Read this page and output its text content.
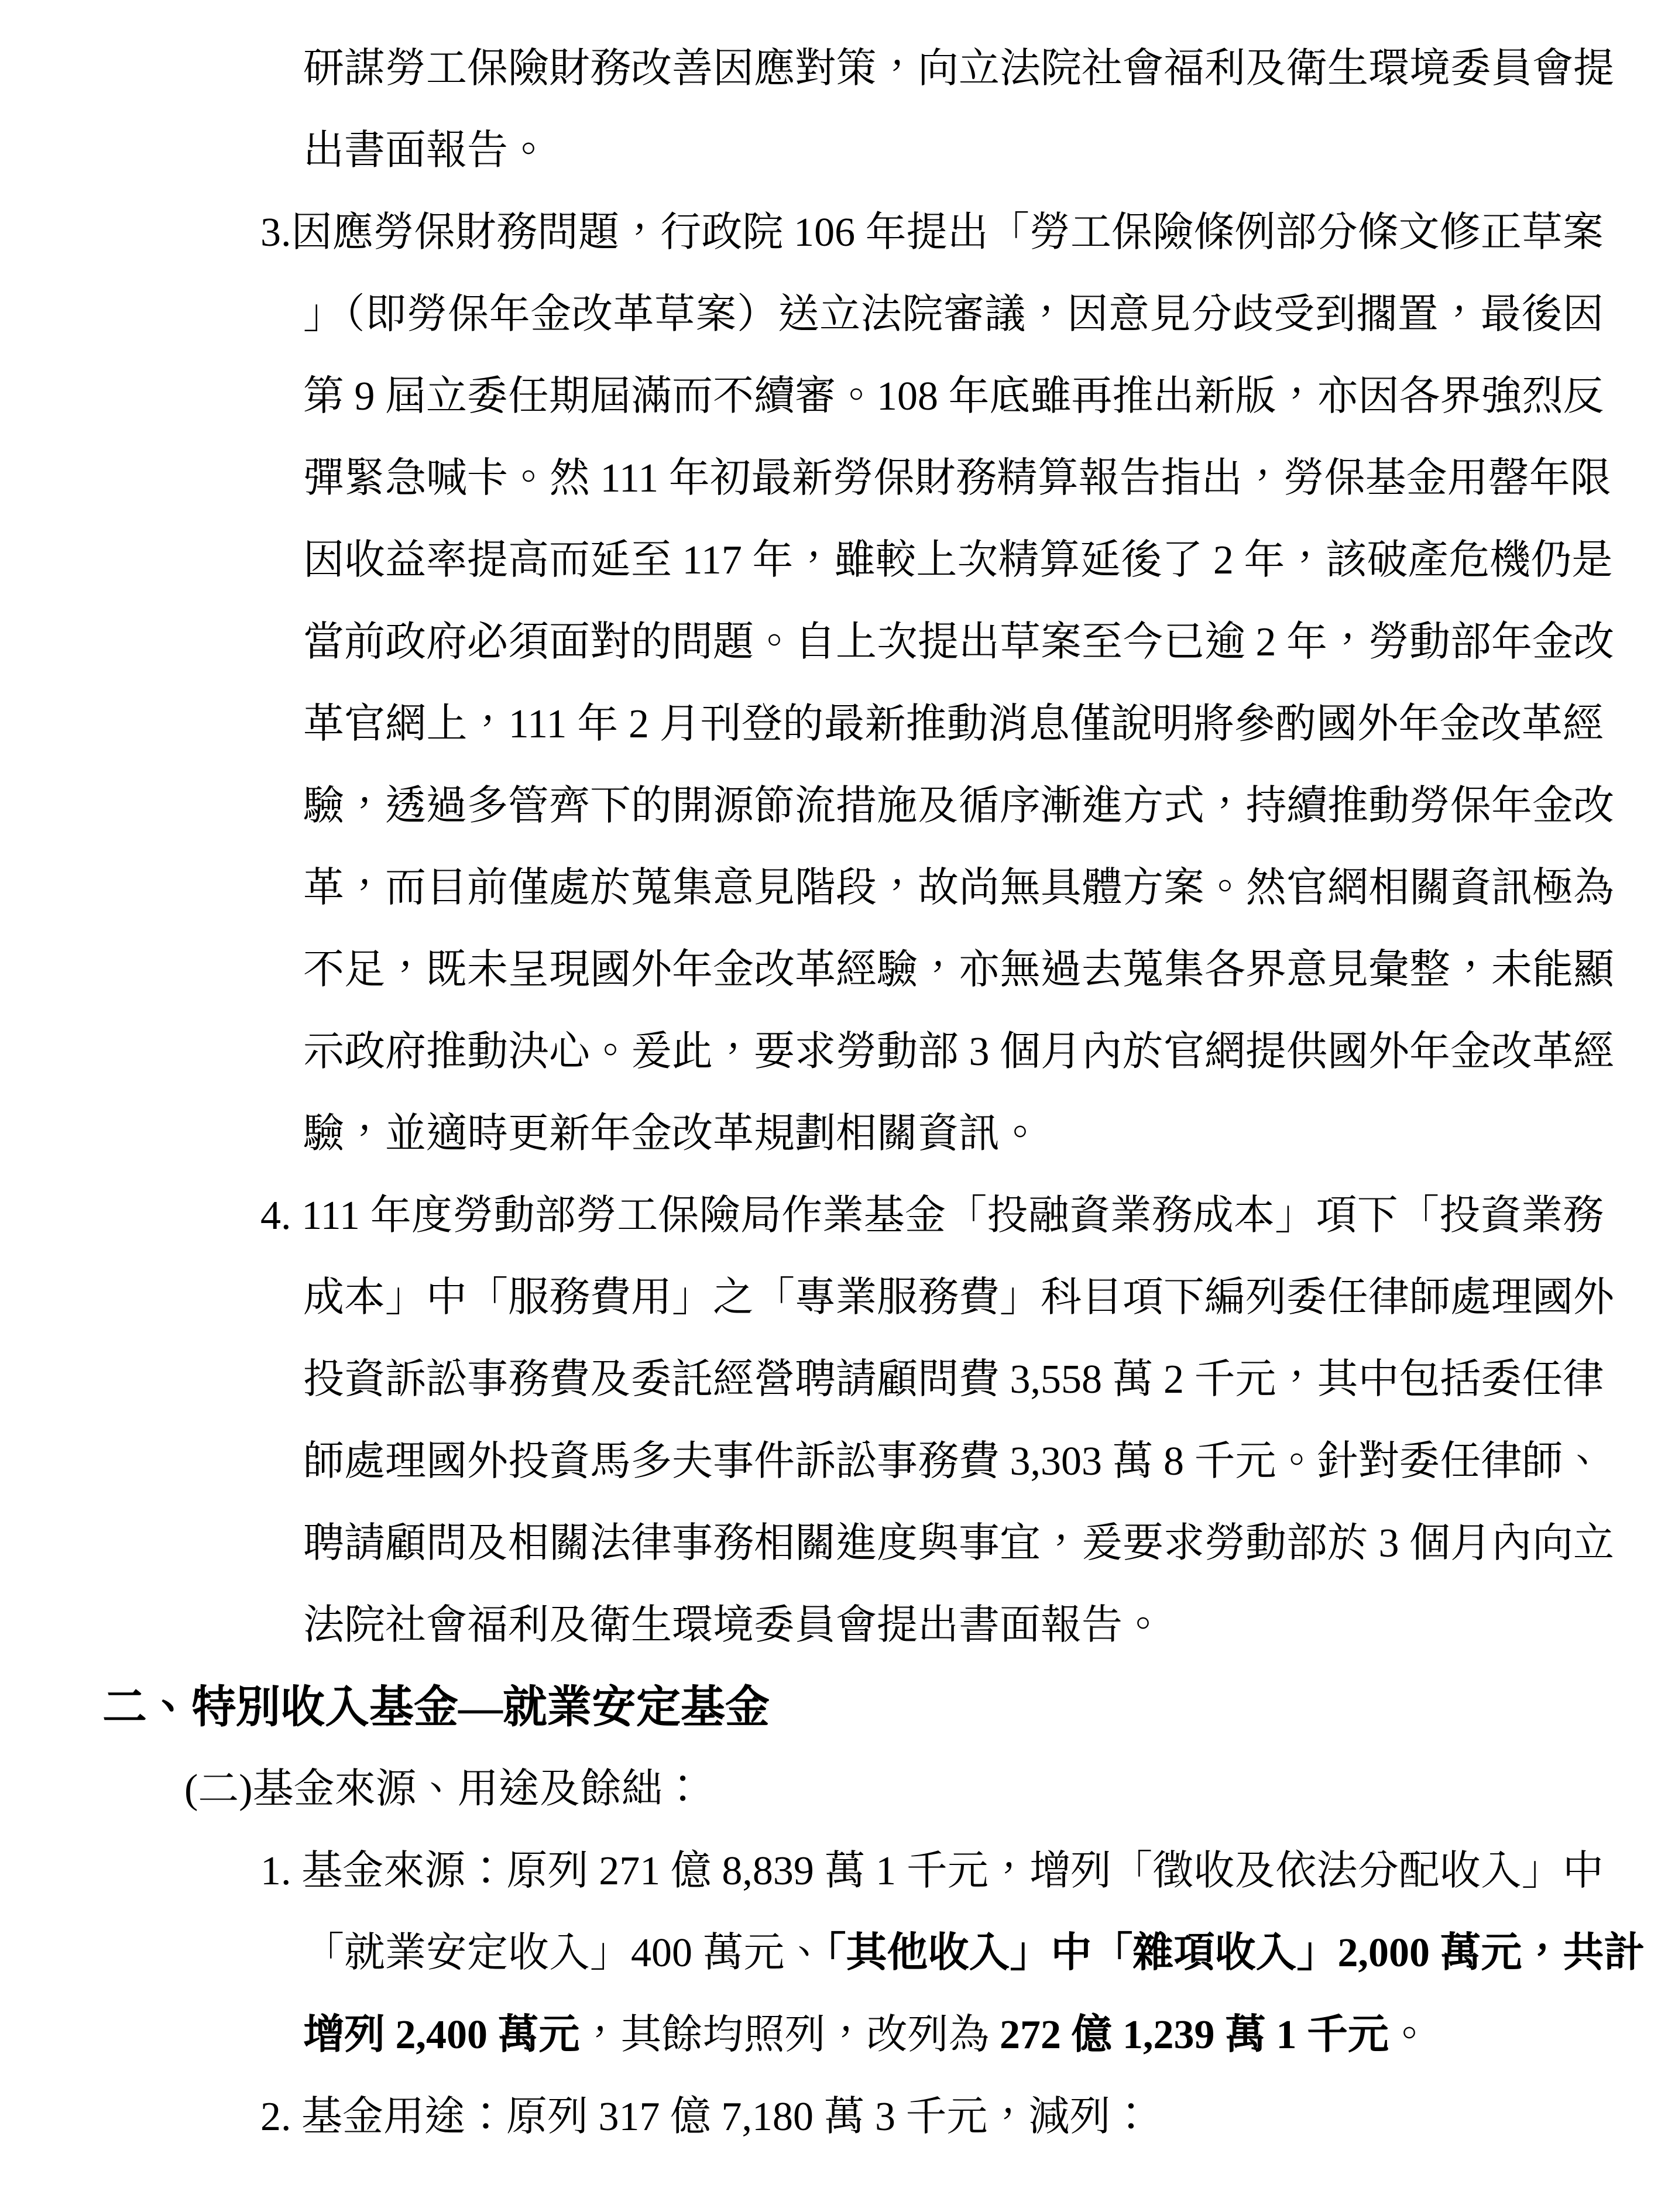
研謀勞工保險財務改善因應對策，向立法院社會福利及衛生環境委員會提
出書面報告。
3.因應勞保財務問題，行政院 106 年提出「勞工保險條例部分條文修正草案
」（即勞保年金改革草案）送立法院審議，因意見分歧受到擱置，最後因
第 9 屆立委任期屆滿而不續審。108 年底雖再推出新版，亦因各界強烈反
彈緊急喊卡。然 111 年初最新勞保財務精算報告指出，勞保基金用罄年限
因收益率提高而延至 117 年，雖較上次精算延後了 2 年，該破產危機仍是
當前政府必須面對的問題。自上次提出草案至今已逾 2 年，勞動部年金改
革官網上，111 年 2 月刊登的最新推動消息僅說明將參酌國外年金改革經
驗，透過多管齊下的開源節流措施及循序漸進方式，持續推動勞保年金改
革，而目前僅處於蒐集意見階段，故尚無具體方案。然官網相關資訊極為
不足，既未呈現國外年金改革經驗，亦無過去蒐集各界意見彙整，未能顯
示政府推動決心。爰此，要求勞動部 3 個月內於官網提供國外年金改革經
驗，並適時更新年金改革規劃相關資訊。
4. 111 年度勞動部勞工保險局作業基金「投融資業務成本」項下「投資業務
成本」中「服務費用」之「專業服務費」科目項下編列委任律師處理國外
投資訴訟事務費及委託經營聘請顧問費 3,558 萬 2 千元，其中包括委任律
師處理國外投資馬多夫事件訴訟事務費 3,303 萬 8 千元。針對委任律師、
聘請顧問及相關法律事務相關進度與事宜，爰要求勞動部於 3 個月內向立
法院社會福利及衛生環境委員會提出書面報告。
二、特別收入基金—就業安定基金
(二)基金來源、用途及餘絀：
1. 基金來源：原列 271 億 8,839 萬 1 千元，增列「徵收及依法分配收入」中
「就業安定收入」400 萬元、「其他收入」中「雜項收入」2,000 萬元，共計
增列 2,400 萬元，其餘均照列，改列為 272 億 1,239 萬 1 千元。
2. 基金用途：原列 317 億 7,180 萬 3 千元，減列：
